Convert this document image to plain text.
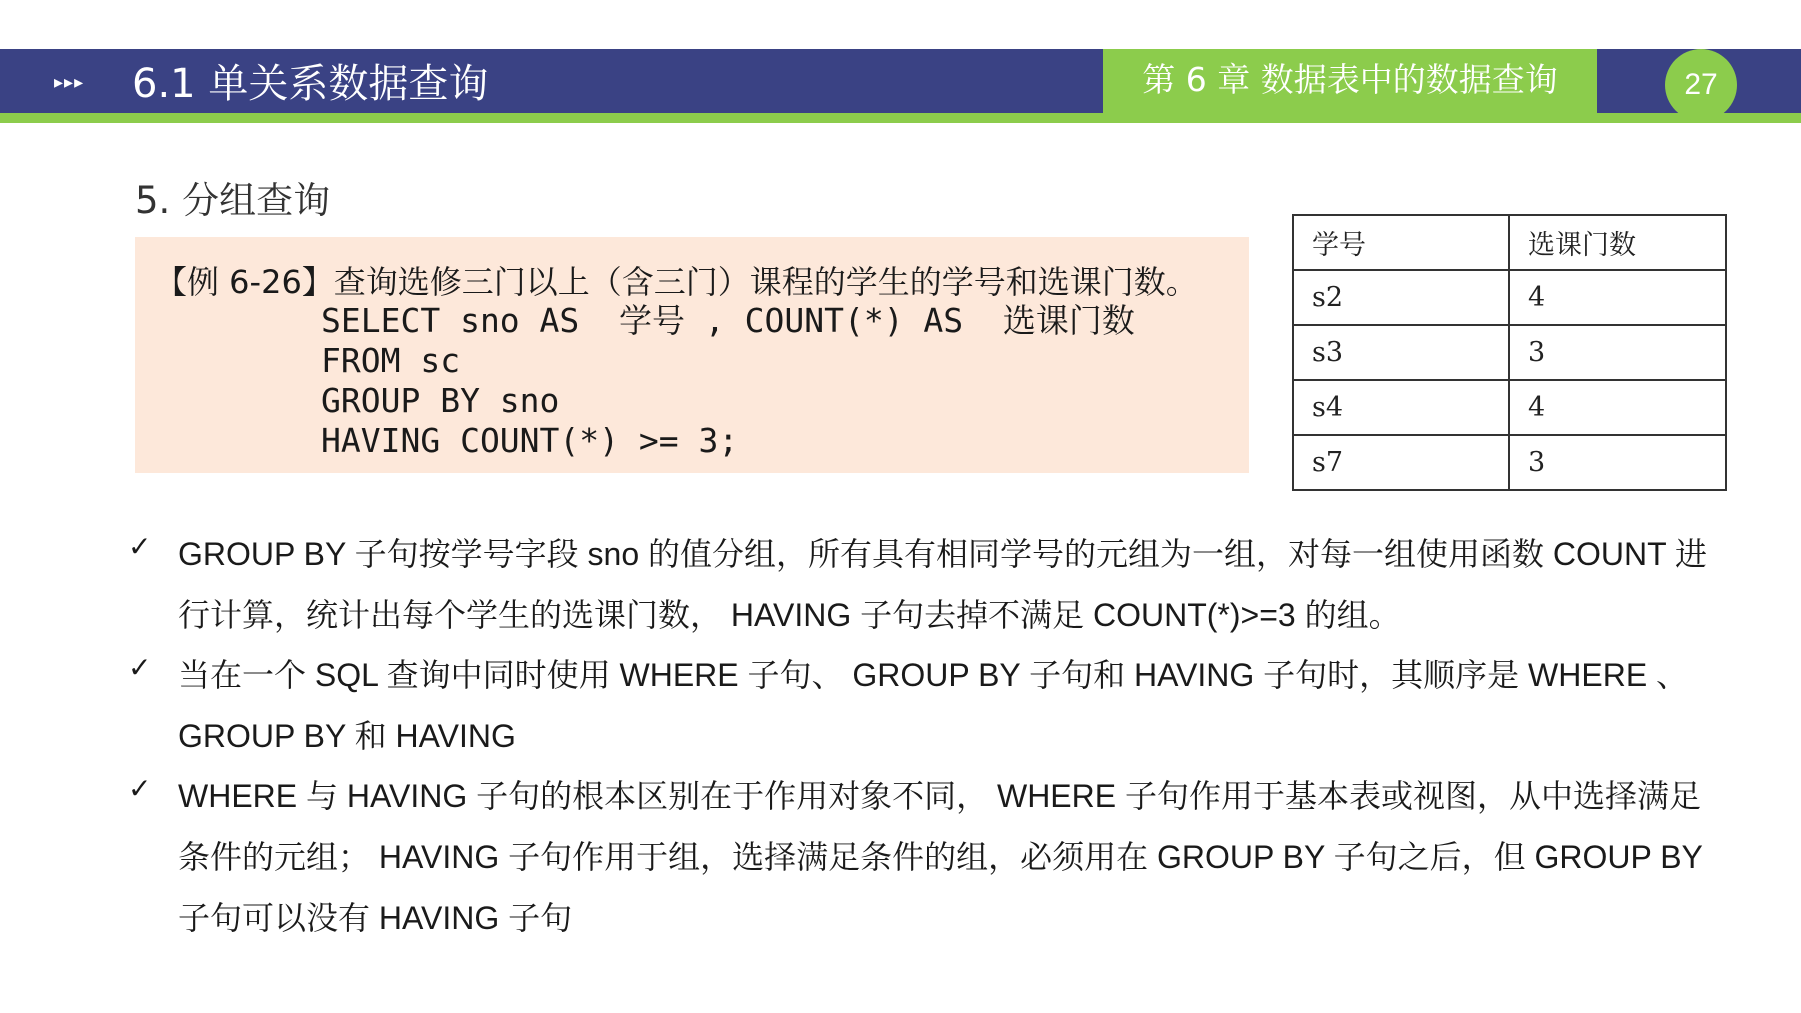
▸▸▸ 6.1 单关系数据查询	第 6 章 数据表中的数据查询	27
5. 分组查询
【例 6-26】查询选修三门以上（含三门）课程的学生的学号和选课门数。
SELECT sno AS  学号 , COUNT(*) AS  选课门数
FROM sc
GROUP BY sno
HAVING COUNT(*) >= 3;
学号	选课门数
s2	4
s3	3
s4	4
s7	3
✓ GROUP BY 子句按学号字段 sno 的值分组，所有具有相同学号的元组为一组，对每一组使用函数 COUNT 进行计算，统计出每个学生的选课门数， HAVING 子句去掉不满足 COUNT(*)>=3 的组。
✓ 当在一个 SQL 查询中同时使用 WHERE 子句、 GROUP BY 子句和 HAVING 子句时，其顺序是 WHERE 、 GROUP BY 和 HAVING
✓ WHERE 与 HAVING 子句的根本区别在于作用对象不同， WHERE 子句作用于基本表或视图，从中选择满足条件的元组； HAVING 子句作用于组，选择满足条件的组，必须用在 GROUP BY 子句之后，但 GROUP BY 子句可以没有 HAVING 子句
